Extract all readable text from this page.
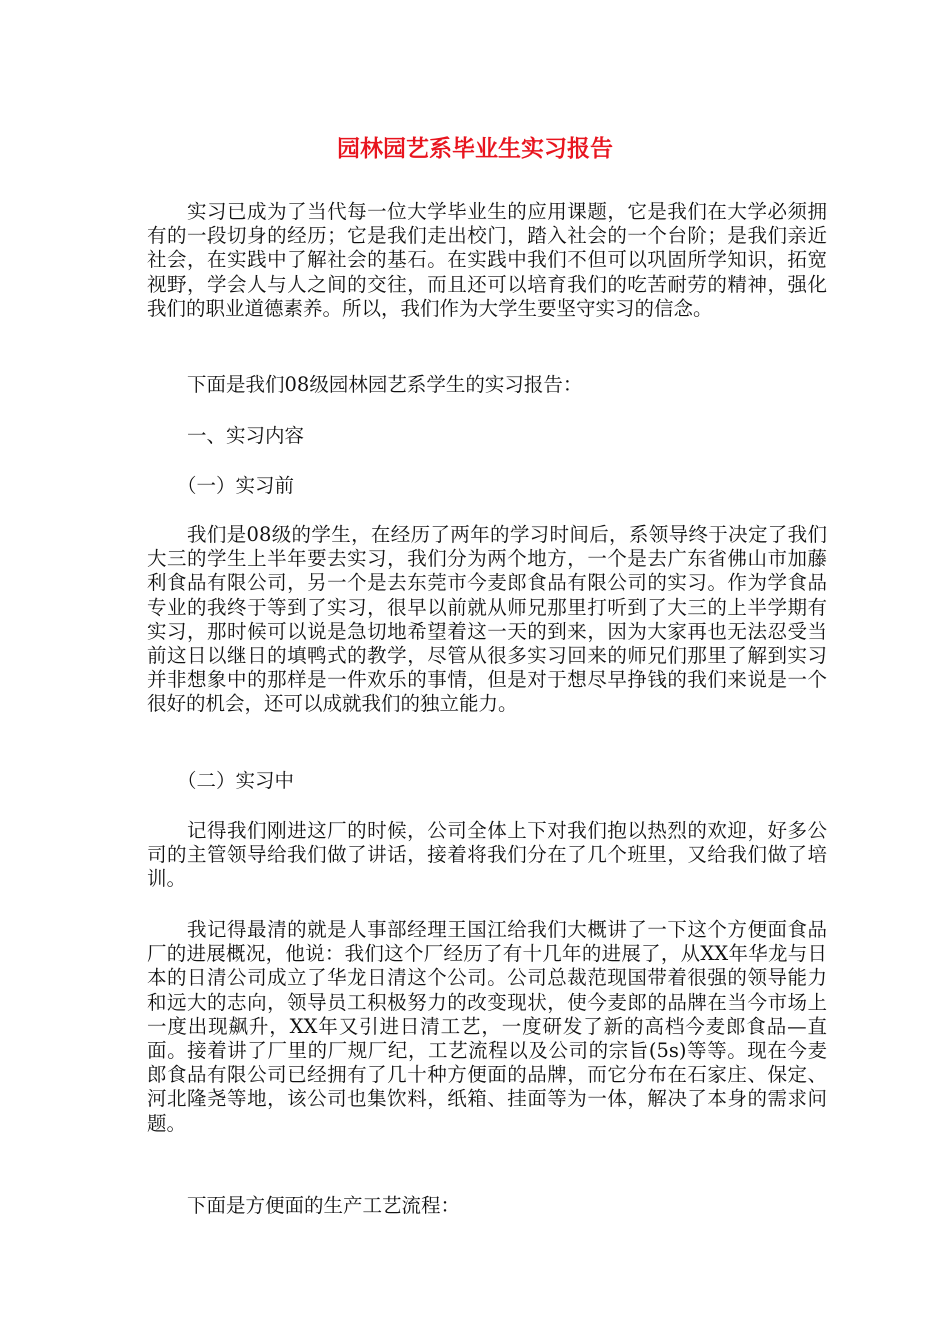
园林园艺系毕业生实习报告

实习已成为了当代每一位大学毕业生的应用课题，它是我们在大学必须拥有的一段切身的经历；它是我们走出校门，踏入社会的一个台阶；是我们亲近社会，在实践中了解社会的基石。在实践中我们不但可以巩固所学知识，拓宽视野，学会人与人之间的交往，而且还可以培育我们的吃苦耐劳的精神，强化我们的职业道德素养。所以，我们作为大学生要坚守实习的信念。

下面是我们08级园林园艺系学生的实习报告：

一、实习内容

（一）实习前

我们是08级的学生，在经历了两年的学习时间后，系领导终于决定了我们大三的学生上半年要去实习，我们分为两个地方，一个是去广东省佛山市加藤利食品有限公司，另一个是去东莞市今麦郎食品有限公司的实习。作为学食品专业的我终于等到了实习，很早以前就从师兄那里打听到了大三的上半学期有实习，那时候可以说是急切地希望着这一天的到来，因为大家再也无法忍受当前这日以继日的填鸭式的教学，尽管从很多实习回来的师兄们那里了解到实习并非想象中的那样是一件欢乐的事情，但是对于想尽早挣钱的我们来说是一个很好的机会，还可以成就我们的独立能力。

（二）实习中

记得我们刚进这厂的时候，公司全体上下对我们抱以热烈的欢迎，好多公司的主管领导给我们做了讲话，接着将我们分在了几个班里，又给我们做了培训。

我记得最清的就是人事部经理王国江给我们大概讲了一下这个方便面食品厂的进展概况，他说：我们这个厂经历了有十几年的进展了，从XX年华龙与日本的日清公司成立了华龙日清这个公司。公司总裁范现国带着很强的领导能力和远大的志向，领导员工积极努力的改变现状，使今麦郎的品牌在当今市场上一度出现飙升，XX年又引进日清工艺，一度研发了新的高档今麦郎食品—直面。接着讲了厂里的厂规厂纪，工艺流程以及公司的宗旨(5s)等等。现在今麦郎食品有限公司已经拥有了几十种方便面的品牌，而它分布在石家庄、保定、河北隆尧等地，该公司也集饮料，纸箱、挂面等为一体，解决了本身的需求问题。

下面是方便面的生产工艺流程：
